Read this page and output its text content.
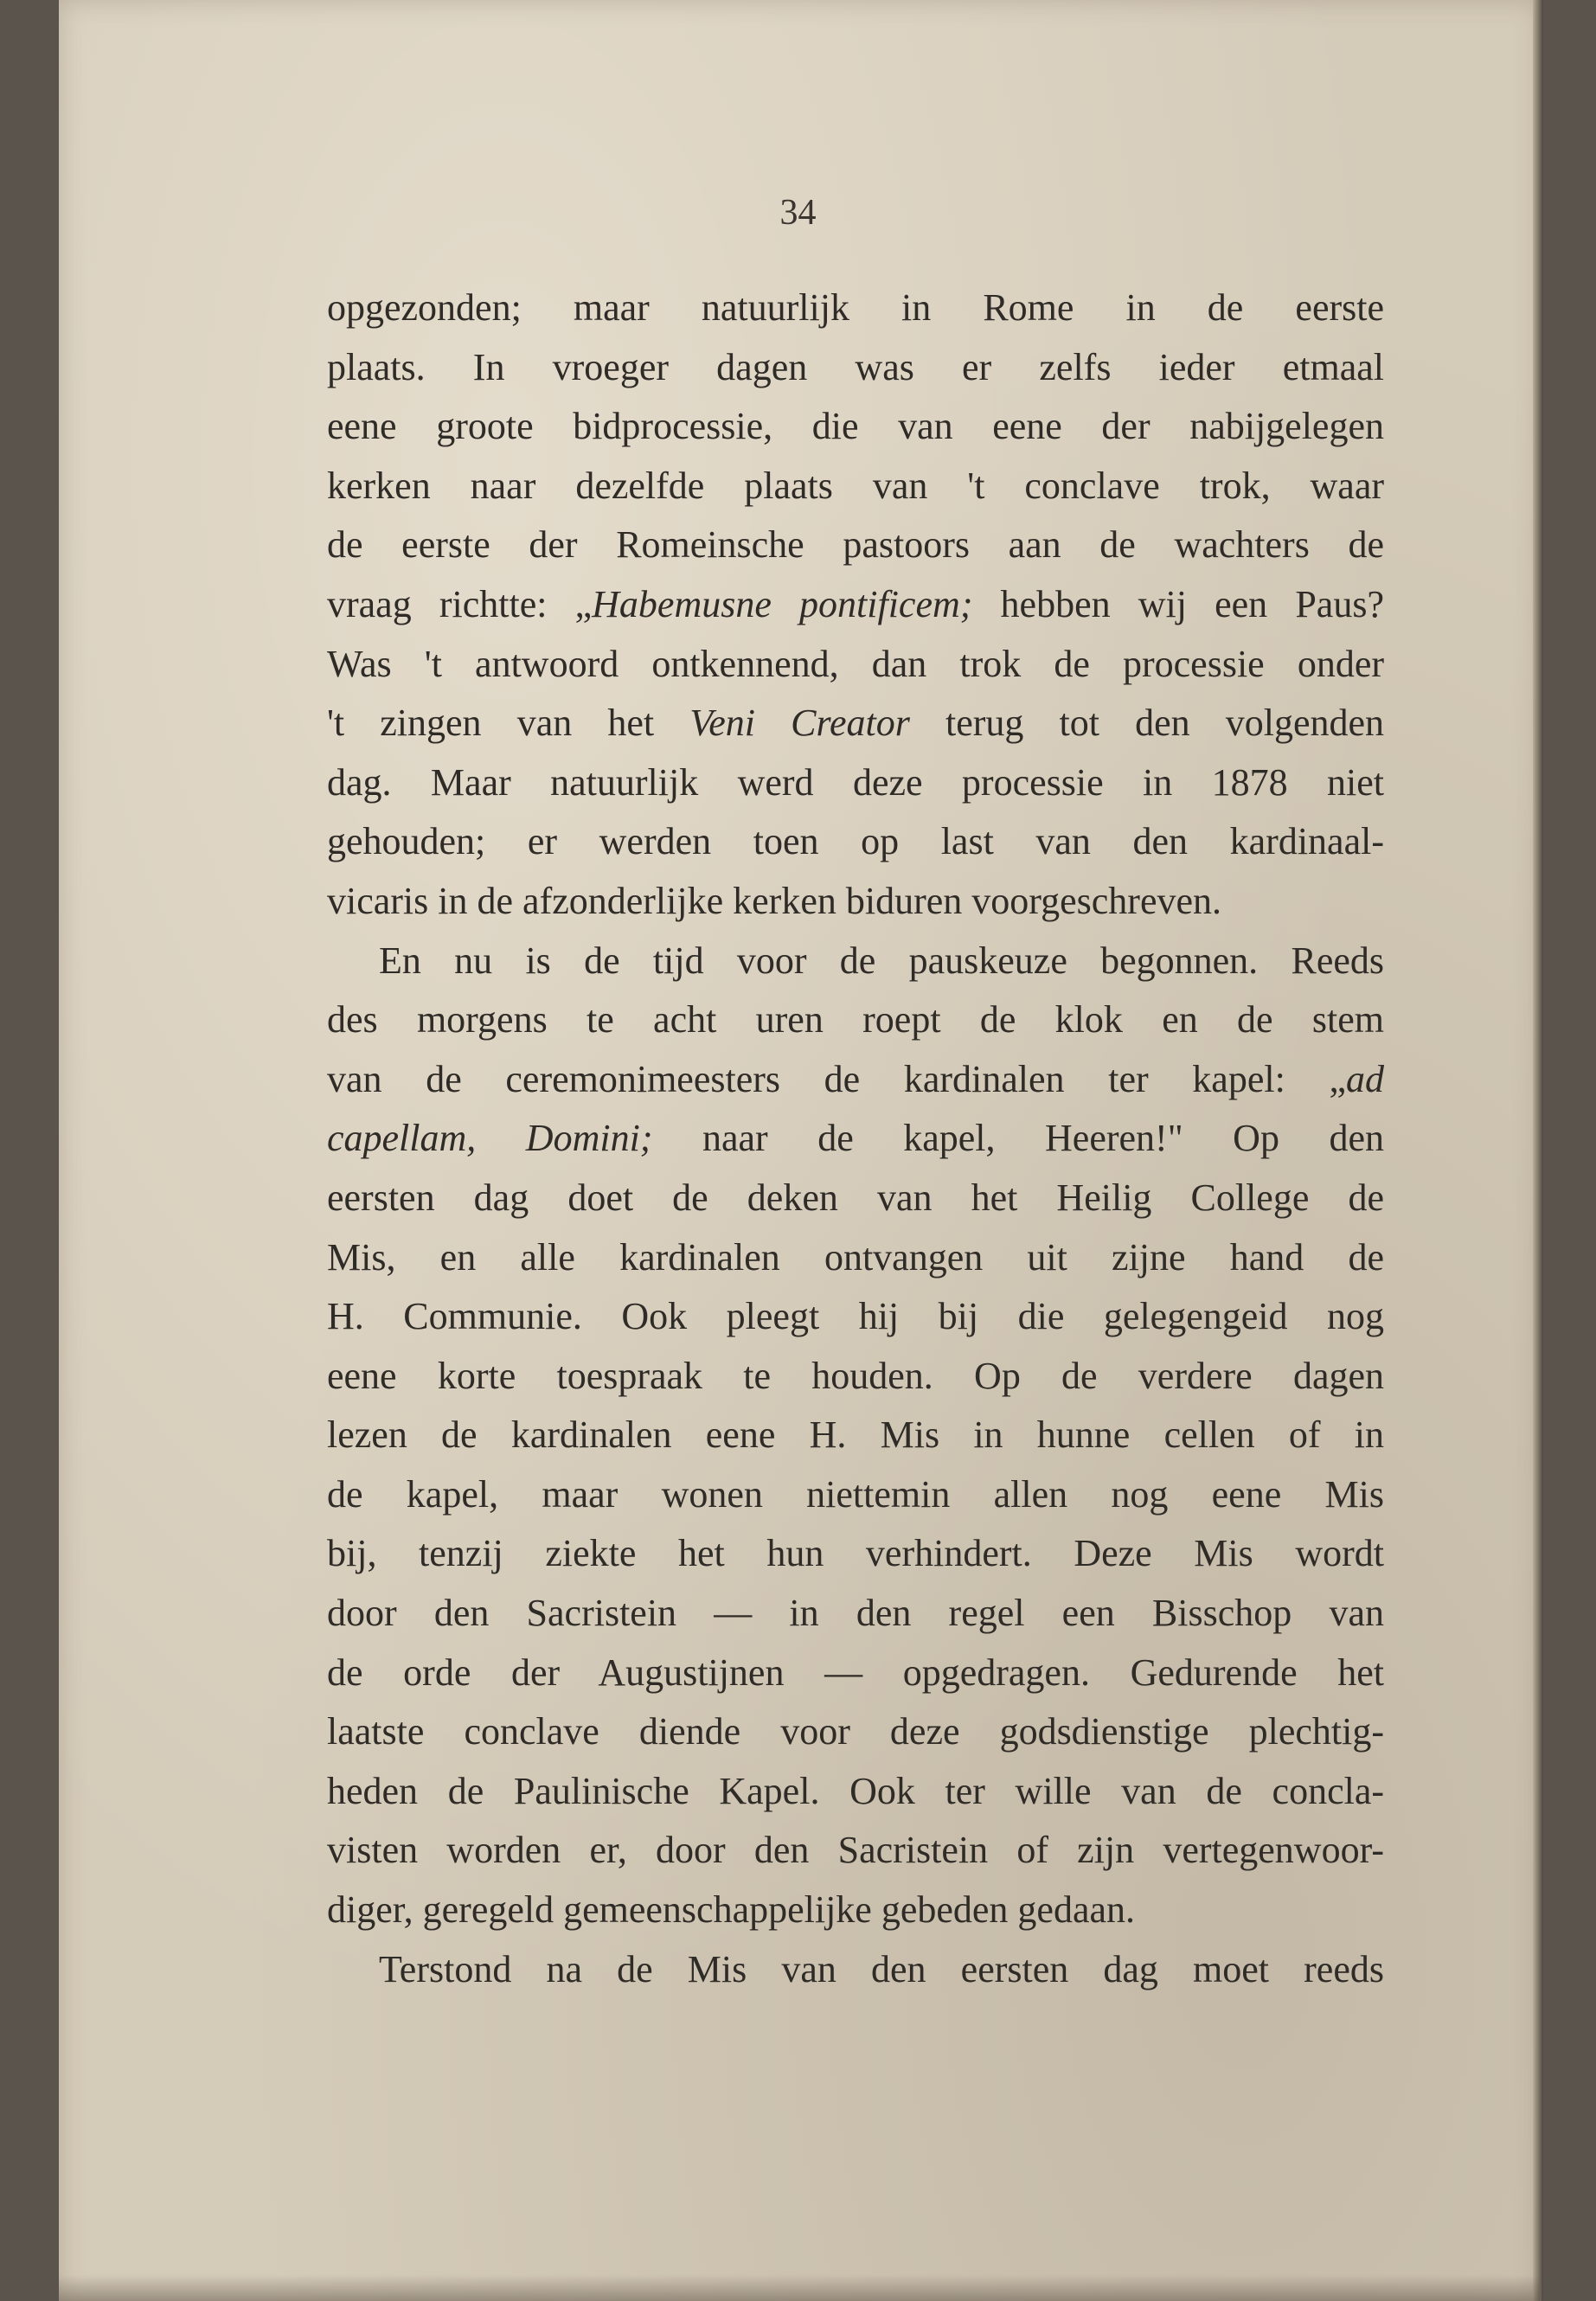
34
opgezonden; maar natuurlijk in Rome in de eerste
plaats. In vroeger dagen was er zelfs ieder etmaal
eene groote bidprocessie, die van eene der nabijgelegen
kerken naar dezelfde plaats van 't conclave trok, waar
de eerste der Romeinsche pastoors aan de wachters de
vraag richtte: „Habemusne pontificem; hebben wij een Paus?
Was 't antwoord ontkennend, dan trok de processie onder
't zingen van het Veni Creator terug tot den volgenden
dag. Maar natuurlijk werd deze processie in 1878 niet
gehouden; er werden toen op last van den kardinaal-
vicaris in de afzonderlijke kerken biduren voorgeschreven.
En nu is de tijd voor de pauskeuze begonnen. Reeds
des morgens te acht uren roept de klok en de stem
van de ceremonimeesters de kardinalen ter kapel: „ad
capellam, Domini; naar de kapel, Heeren!" Op den
eersten dag doet de deken van het Heilig College de
Mis, en alle kardinalen ontvangen uit zijne hand de
H. Communie. Ook pleegt hij bij die gelegengeid nog
eene korte toespraak te houden. Op de verdere dagen
lezen de kardinalen eene H. Mis in hunne cellen of in
de kapel, maar wonen niettemin allen nog eene Mis
bij, tenzij ziekte het hun verhindert. Deze Mis wordt
door den Sacristein — in den regel een Bisschop van
de orde der Augustijnen — opgedragen. Gedurende het
laatste conclave diende voor deze godsdienstige plechtig-
heden de Paulinische Kapel. Ook ter wille van de concla-
visten worden er, door den Sacristein of zijn vertegenwoor-
diger, geregeld gemeenschappelijke gebeden gedaan.
Terstond na de Mis van den eersten dag moet reeds
